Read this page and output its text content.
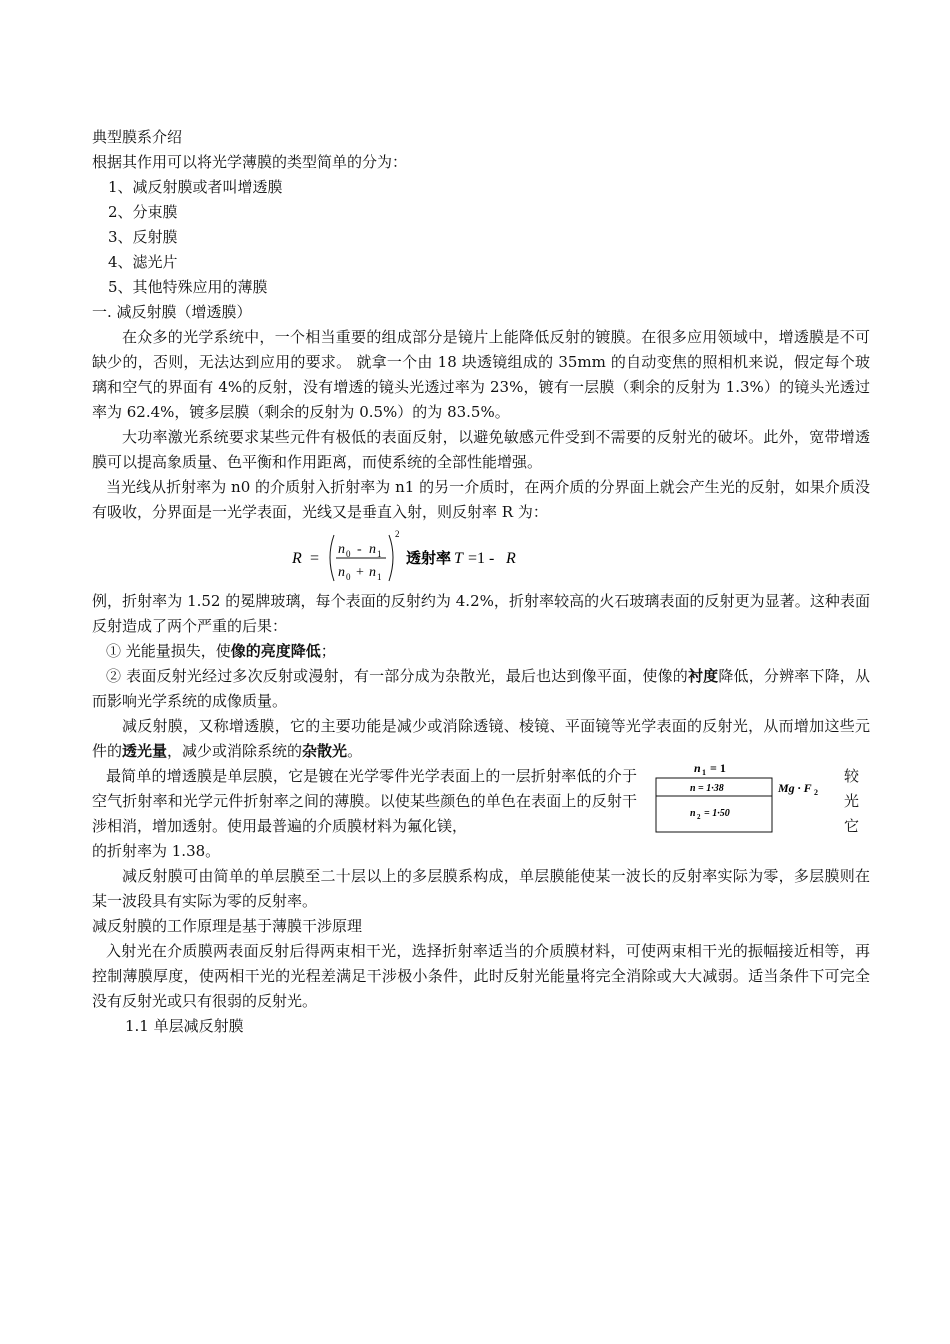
典型膜系介绍
根据其作用可以将光学薄膜的类型简单的分为：
1、减反射膜或者叫增透膜
2、分束膜
3、反射膜
4、滤光片
5、其他特殊应用的薄膜
一. 减反射膜（增透膜）
在众多的光学系统中，一个相当重要的组成部分是镜片上能降低反射的镀膜。在很多应用领域中，增透膜是不可缺少的，否则，无法达到应用的要求。 就拿一个由 18 块透镜组成的 35mm 的自动变焦的照相机来说，假定每个玻璃和空气的界面有 4%的反射，没有增透的镜头光透过率为 23%，镀有一层膜（剩余的反射为 1.3%）的镜头光透过率为 62.4%，镀多层膜（剩余的反射为 0.5%）的为 83.5%。
大功率激光系统要求某些元件有极低的表面反射，以避免敏感元件受到不需要的反射光的破坏。此外，宽带增透膜可以提高象质量、色平衡和作用距离，而使系统的全部性能增强。
当光线从折射率为 n0 的介质射入折射率为 n1 的另一介质时，在两介质的分界面上就会产生光的反射，如果介质没有吸收，分界面是一光学表面，光线又是垂直入射，则反射率 R 为：
R =
n 0 - n 1
n 0 + n 1
2
透射率 T =1 - R
例，折射率为 1.52 的冕牌玻璃，每个表面的反射约为 4.2%，折射率较高的火石玻璃表面的反射更为显著。这种表面反射造成了两个严重的后果：
① 光能量损失，使像的亮度降低；
② 表面反射光经过多次反射或漫射，有一部分成为杂散光，最后也达到像平面，使像的衬度降低，分辨率下降，从而影响光学系统的成像质量。
减反射膜，又称增透膜，它的主要功能是减少或消除透镜、棱镜、平面镜等光学表面的反射光，从而增加这些元件的透光量，减少或消除系统的杂散光。
最简单的增透膜是单层膜，它是镀在光学零件光学表面上的一层折射率低的介于空气折射率和光学元件折射率之间的薄膜。以使某些颜色的单色在表面上的反射干涉相消，增加透射。使用最普遍的介质膜材料为氟化镁，
n 1 = 1
n = 1·38
n 2 = 1·50
Mg · F 2
较
光
它
的折射率为 1.38。
减反射膜可由简单的单层膜至二十层以上的多层膜系构成，单层膜能使某一波长的反射率实际为零，多层膜则在某一波段具有实际为零的反射率。
减反射膜的工作原理是基于薄膜干涉原理
入射光在介质膜两表面反射后得两束相干光，选择折射率适当的介质膜材料，可使两束相干光的振幅接近相等，再控制薄膜厚度，使两相干光的光程差满足干涉极小条件，此时反射光能量将完全消除或大大减弱。适当条件下可完全没有反射光或只有很弱的反射光。
1.1 单层减反射膜
